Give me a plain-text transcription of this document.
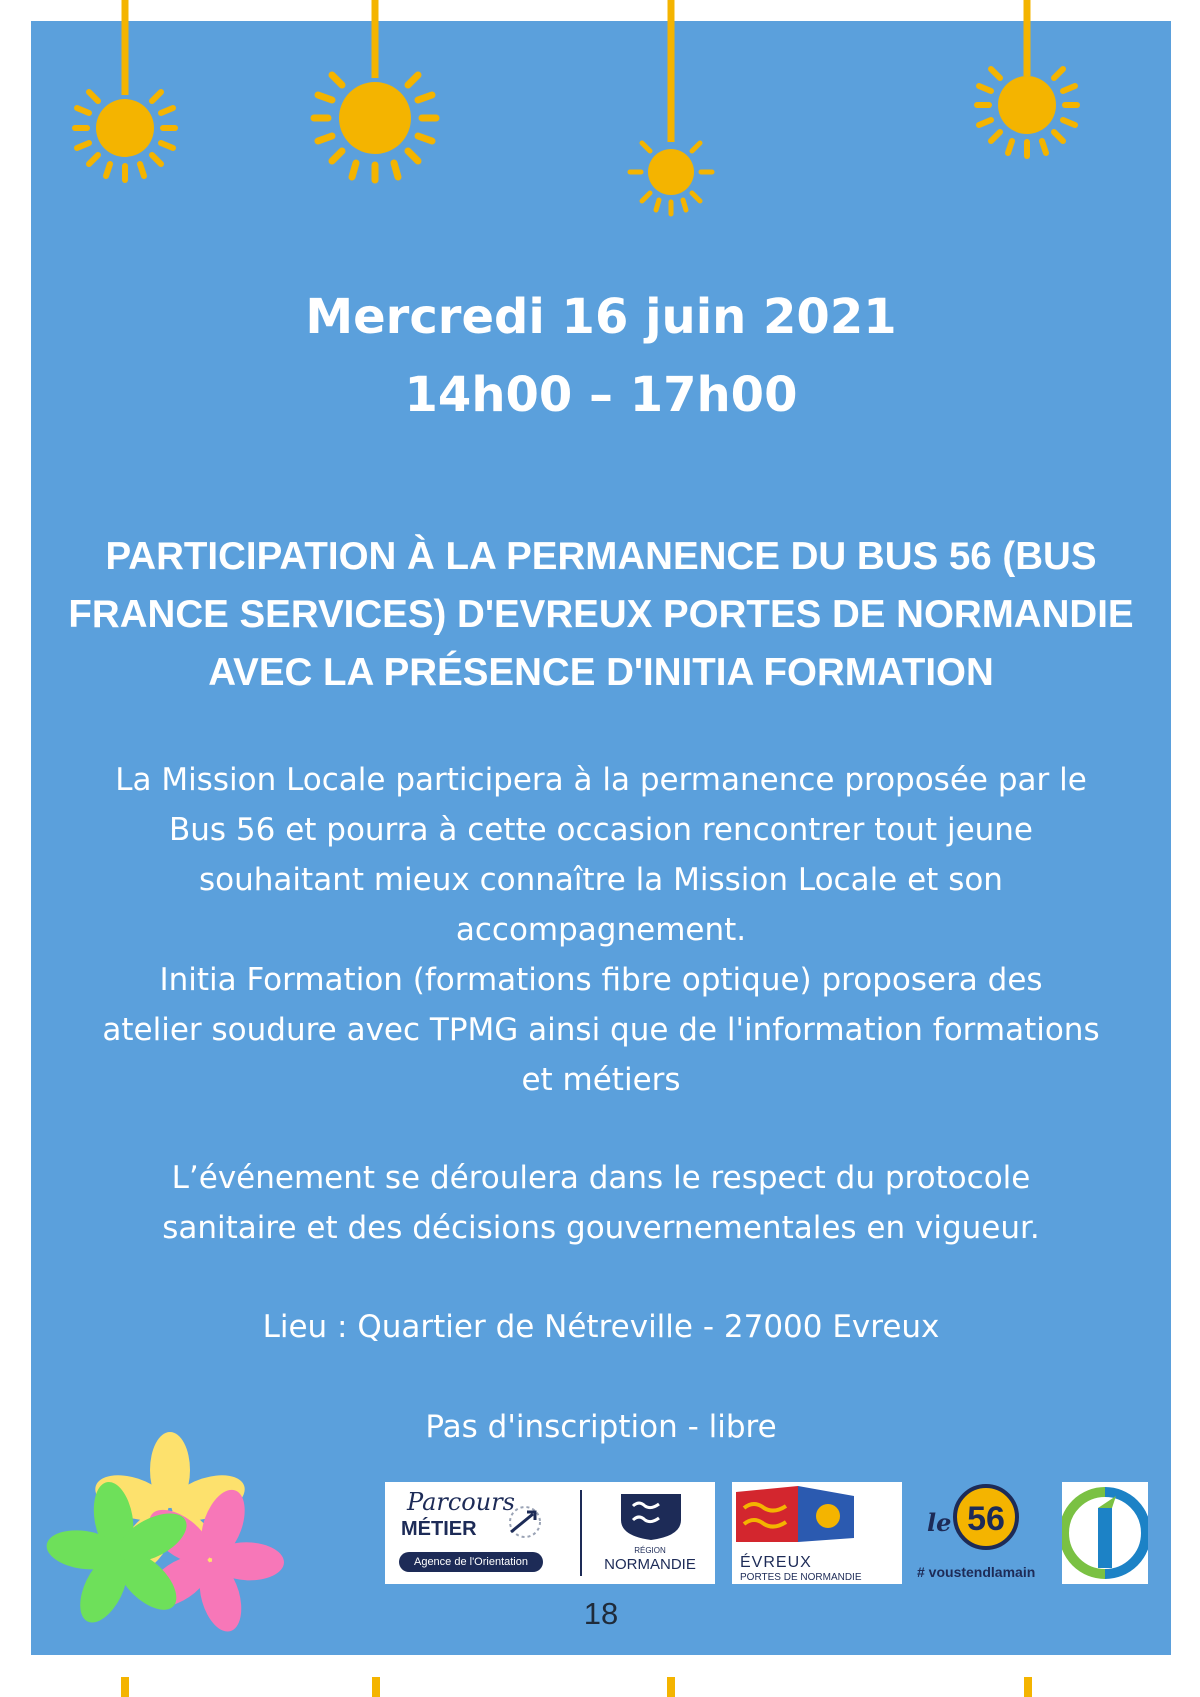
Mercredi 16 juin 2021
14h00 – 17h00
PARTICIPATION À LA PERMANENCE DU BUS 56 (BUS FRANCE SERVICES) D'EVREUX PORTES DE NORMANDIE AVEC LA PRÉSENCE D'INITIA FORMATION

La Mission Locale participera à la permanence proposée par le
Bus 56 et pourra à cette occasion rencontrer tout jeune
souhaitant mieux connaître la Mission Locale et son
accompagnement.
Initia Formation (formations fibre optique) proposera des
atelier soudure avec TPMG ainsi que de l'information formations
et métiers

L’événement se déroulera dans le respect du protocole
sanitaire et des décisions gouvernementales en vigueur.

Lieu : Quartier de Nétreville - 27000 Evreux

Pas d'inscription - libre

Parcours
MÉTIER
Agence de l'Orientation
RÉGION
NORMANDIE	ÉVREUX
PORTES DE NORMANDIE
le 56
# voustendlamain
18
